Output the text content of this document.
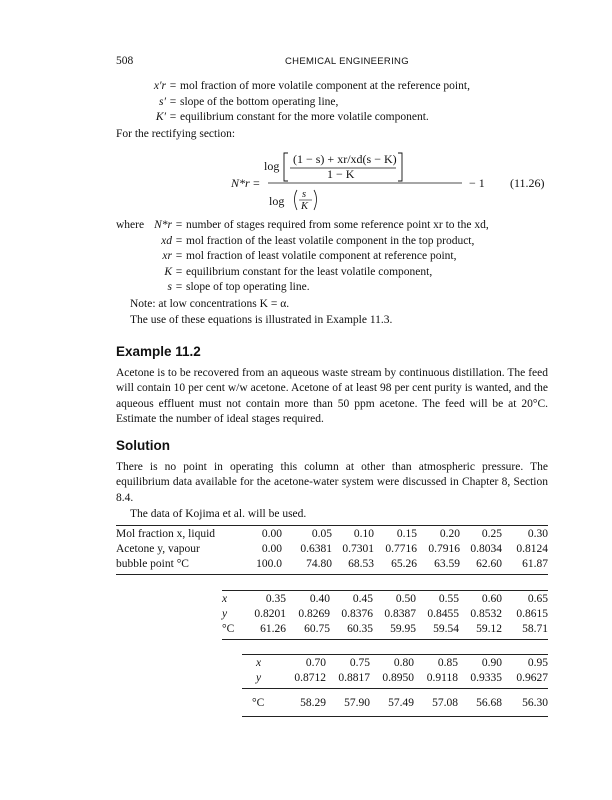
508	CHEMICAL ENGINEERING
x′r = mol fraction of more volatile component at the reference point,
s′ = slope of the bottom operating line,
K′ = equilibrium constant for the more volatile component.
For the rectifying section:
N*r =
log (1 − s) + xr/xd(s − K)
1 − K
log s
K
− 1 (11.26)
where N*r = number of stages required from some reference point xr to the xd,
xd = mol fraction of the least volatile component in the top product,
xr = mol fraction of least volatile component at reference point,
K = equilibrium constant for the least volatile component,
s = slope of top operating line.
Note: at low concentrations K = α.
The use of these equations is illustrated in Example 11.3.
Example 11.2
Acetone is to be recovered from an aqueous waste stream by continuous distillation. The feed will contain 10 per cent w/w acetone. Acetone of at least 98 per cent purity is wanted, and the aqueous effluent must not contain more than 50 ppm acetone. The feed will be at 20°C. Estimate the number of ideal stages required.
Solution
There is no point in operating this column at other than atmospheric pressure. The equilibrium data available for the acetone-water system were discussed in Chapter 8, Section 8.4.
The data of Kojima et al. will be used.
Mol fraction x, liquid	0.00	0.05	0.10	0.15	0.20	0.25	0.30
Acetone y, vapour	0.00	0.6381	0.7301	0.7716	0.7916	0.8034	0.8124
bubble point °C	100.0	74.80	68.53	65.26	63.59	62.60	61.87
x	0.35	0.40	0.45	0.50	0.55	0.60	0.65
y	0.8201	0.8269	0.8376	0.8387	0.8455	0.8532	0.8615
°C	61.26	60.75	60.35	59.95	59.54	59.12	58.71
x	0.70	0.75	0.80	0.85	0.90	0.95
y	0.8712	0.8817	0.8950	0.9118	0.9335	0.9627
°C	58.29	57.90	57.49	57.08	56.68	56.30
